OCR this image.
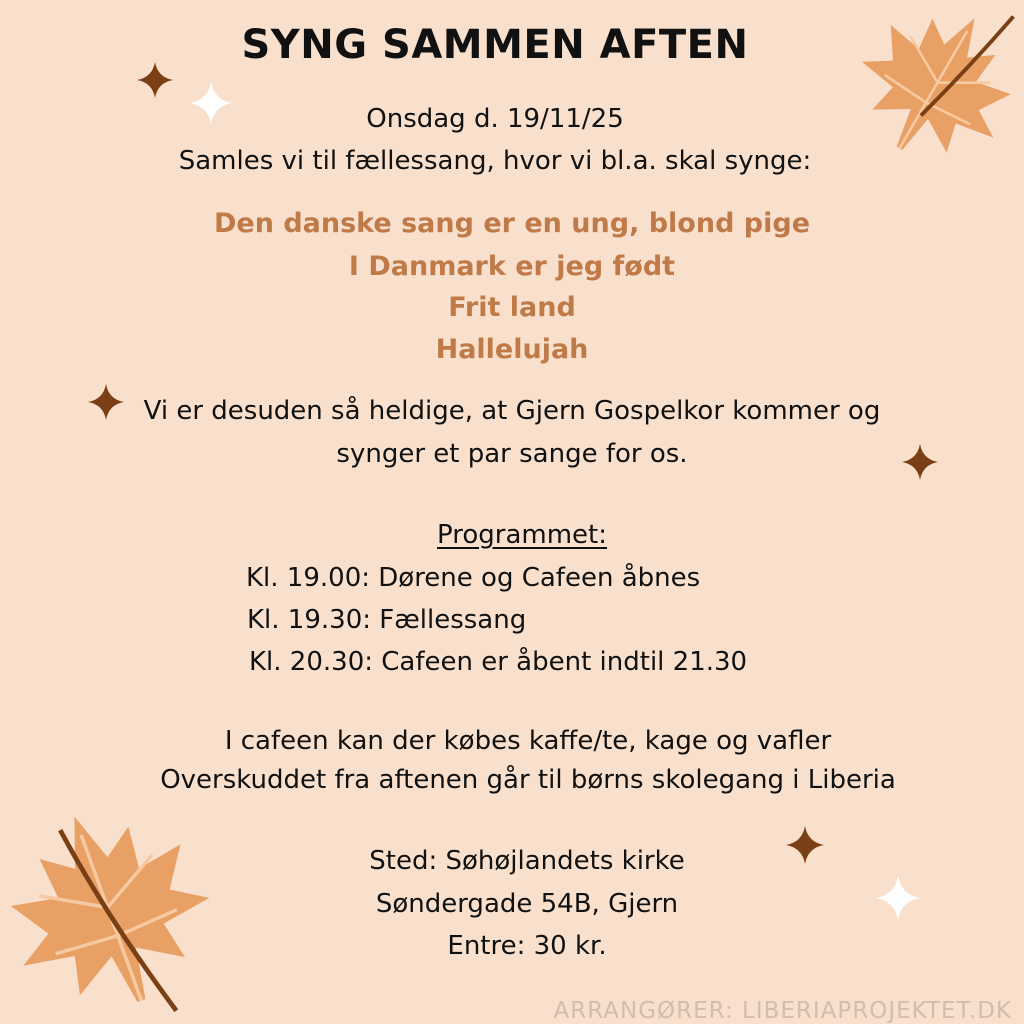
SYNG SAMMEN AFTEN
Onsdag d. 19/11/25
Samles vi til fællessang, hvor vi bl.a. skal synge:
Den danske sang er en ung, blond pige
I Danmark er jeg født
Frit land
Hallelujah
Vi er desuden så heldige, at Gjern Gospelkor kommer og
synger et par sange for os.
Programmet:
Kl. 19.00: Dørene og Cafeen åbnes
Kl. 19.30: Fællessang
Kl. 20.30: Cafeen er åbent indtil 21.30
I cafeen kan der købes kaffe/te, kage og vafler
Overskuddet fra aftenen går til børns skolegang i Liberia
Sted: Søhøjlandets kirke
Søndergade 54B, Gjern
Entre: 30 kr.
ARRANGØRER: LIBERIAPROJEKTET.DK
